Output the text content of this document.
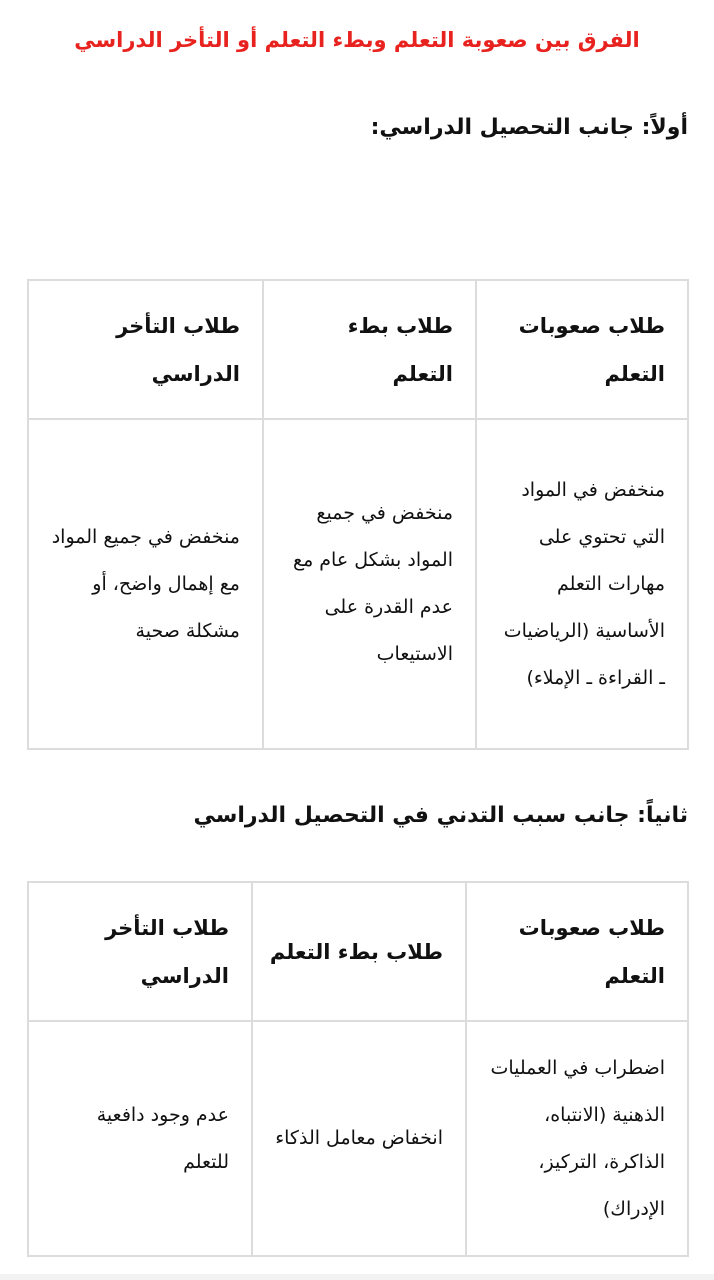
الفرق بين صعوبة التعلم وبطء التعلم أو التأخر الدراسي
أولاً: جانب التحصيل الدراسي:
طلاب صعوبات التعلم	طلاب بطء التعلم	طلاب التأخر الدراسي
منخفض في المواد التي تحتوي على مهارات التعلم الأساسية (الرياضيات ـ القراءة ـ الإملاء)	منخفض في جميع المواد بشكل عام مع عدم القدرة على الاستيعاب	منخفض في جميع المواد مع إهمال واضح، أو مشكلة صحية
ثانياً: جانب سبب التدني في التحصيل الدراسي
طلاب صعوبات التعلم	طلاب بطء التعلم	طلاب التأخر الدراسي
اضطراب في العمليات الذهنية (الانتباه، الذاكرة، التركيز، الإدراك)	انخفاض معامل الذكاء	عدم وجود دافعية للتعلم
